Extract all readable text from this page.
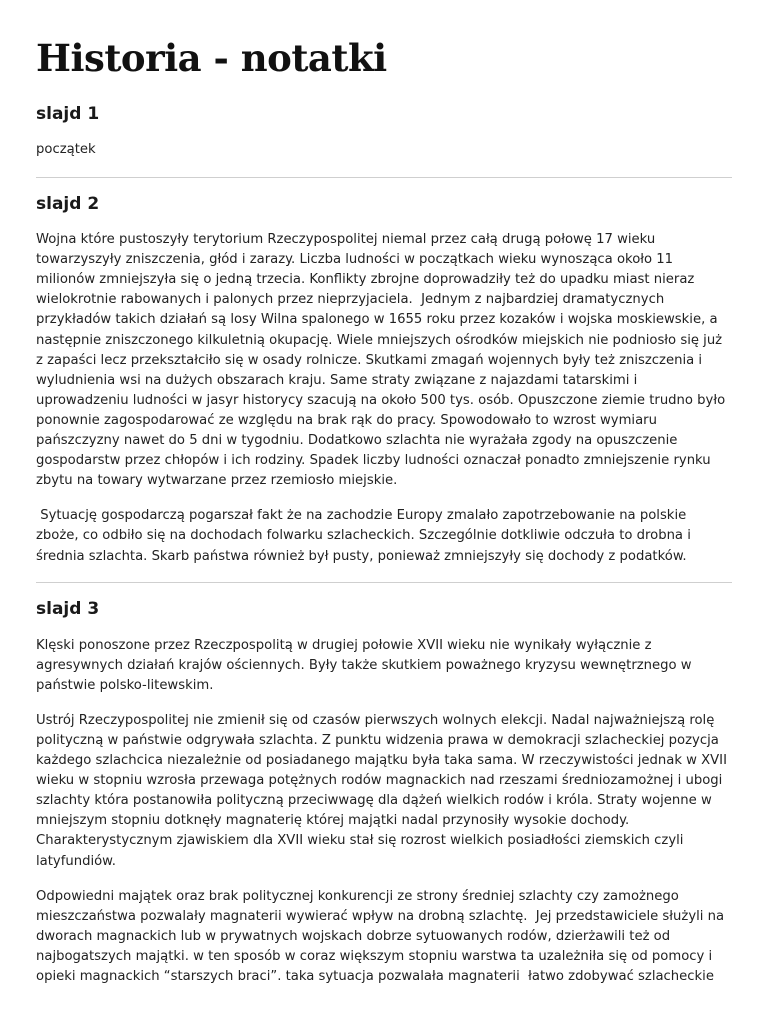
Historia - notatki
slajd 1

początek

slajd 2

Wojna które pustoszyły terytorium Rzeczypospolitej niemal przez całą drugą połowę 17 wieku towarzyszyły zniszczenia, głód i zarazy. Liczba ludności w początkach wieku wynosząca około 11 milionów zmniejszyła się o jedną trzecia. Konflikty zbrojne doprowadziły też do upadku miast nieraz wielokrotnie rabowanych i palonych przez nieprzyjaciela.  Jednym z najbardziej dramatycznych przykładów takich działań są losy Wilna spalonego w 1655 roku przez kozaków i wojska moskiewskie, a następnie zniszczonego kilkuletnią okupację. Wiele mniejszych ośrodków miejskich nie podniosło się już z zapaści lecz przekształciło się w osady rolnicze. Skutkami zmagań wojennych były też zniszczenia i wyludnienia wsi na dużych obszarach kraju. Same straty związane z najazdami tatarskimi i uprowadzeniu ludności w jasyr historycy szacują na około 500 tys. osób. Opuszczone ziemie trudno było ponownie zagospodarować ze względu na brak rąk do pracy. Spowodowało to wzrost wymiaru pańszczyzny nawet do 5 dni w tygodniu. Dodatkowo szlachta nie wyrażała zgody na opuszczenie gospodarstw przez chłopów i ich rodziny. Spadek liczby ludności oznaczał ponadto zmniejszenie rynku zbytu na towary wytwarzane przez rzemiosło miejskie.

Sytuację gospodarczą pogarszał fakt że na zachodzie Europy zmalało zapotrzebowanie na polskie zboże, co odbiło się na dochodach folwarku szlacheckich. Szczególnie dotkliwie odczuła to drobna i średnia szlachta. Skarb państwa również był pusty, ponieważ zmniejszyły się dochody z podatków.

slajd 3

Klęski ponoszone przez Rzeczpospolitą w drugiej połowie XVII wieku nie wynikały wyłącznie z agresywnych działań krajów ościennych. Były także skutkiem poważnego kryzysu wewnętrznego w państwie polsko-litewskim.

Ustrój Rzeczypospolitej nie zmienił się od czasów pierwszych wolnych elekcji. Nadal najważniejszą rolę polityczną w państwie odgrywała szlachta. Z punktu widzenia prawa w demokracji szlacheckiej pozycja każdego szlachcica niezależnie od posiadanego majątku była taka sama. W rzeczywistości jednak w XVII wieku w stopniu wzrosła przewaga potężnych rodów magnackich nad rzeszami średniozamożnej i ubogi szlachty która postanowiła polityczną przeciwwagę dla dążeń wielkich rodów i króla. Straty wojenne w mniejszym stopniu dotknęły magnaterię której majątki nadal przynosiły wysokie dochody. Charakterystycznym zjawiskiem dla XVII wieku stał się rozrost wielkich posiadłości ziemskich czyli latyfundiów.

Odpowiedni majątek oraz brak politycznej konkurencji ze strony średniej szlachty czy zamożnego mieszczaństwa pozwalały magnaterii wywierać wpływ na drobną szlachtę.  Jej przedstawiciele służyli na dworach magnackich lub w prywatnych wojskach dobrze sytuowanych rodów, dzierżawili też od najbogatszych majątki. w ten sposób w coraz większym stopniu warstwa ta uzależniła się od pomocy i opieki magnackich “starszych braci”. taka sytuacja pozwalała magnaterii  łatwo zdobywać szlacheckie
